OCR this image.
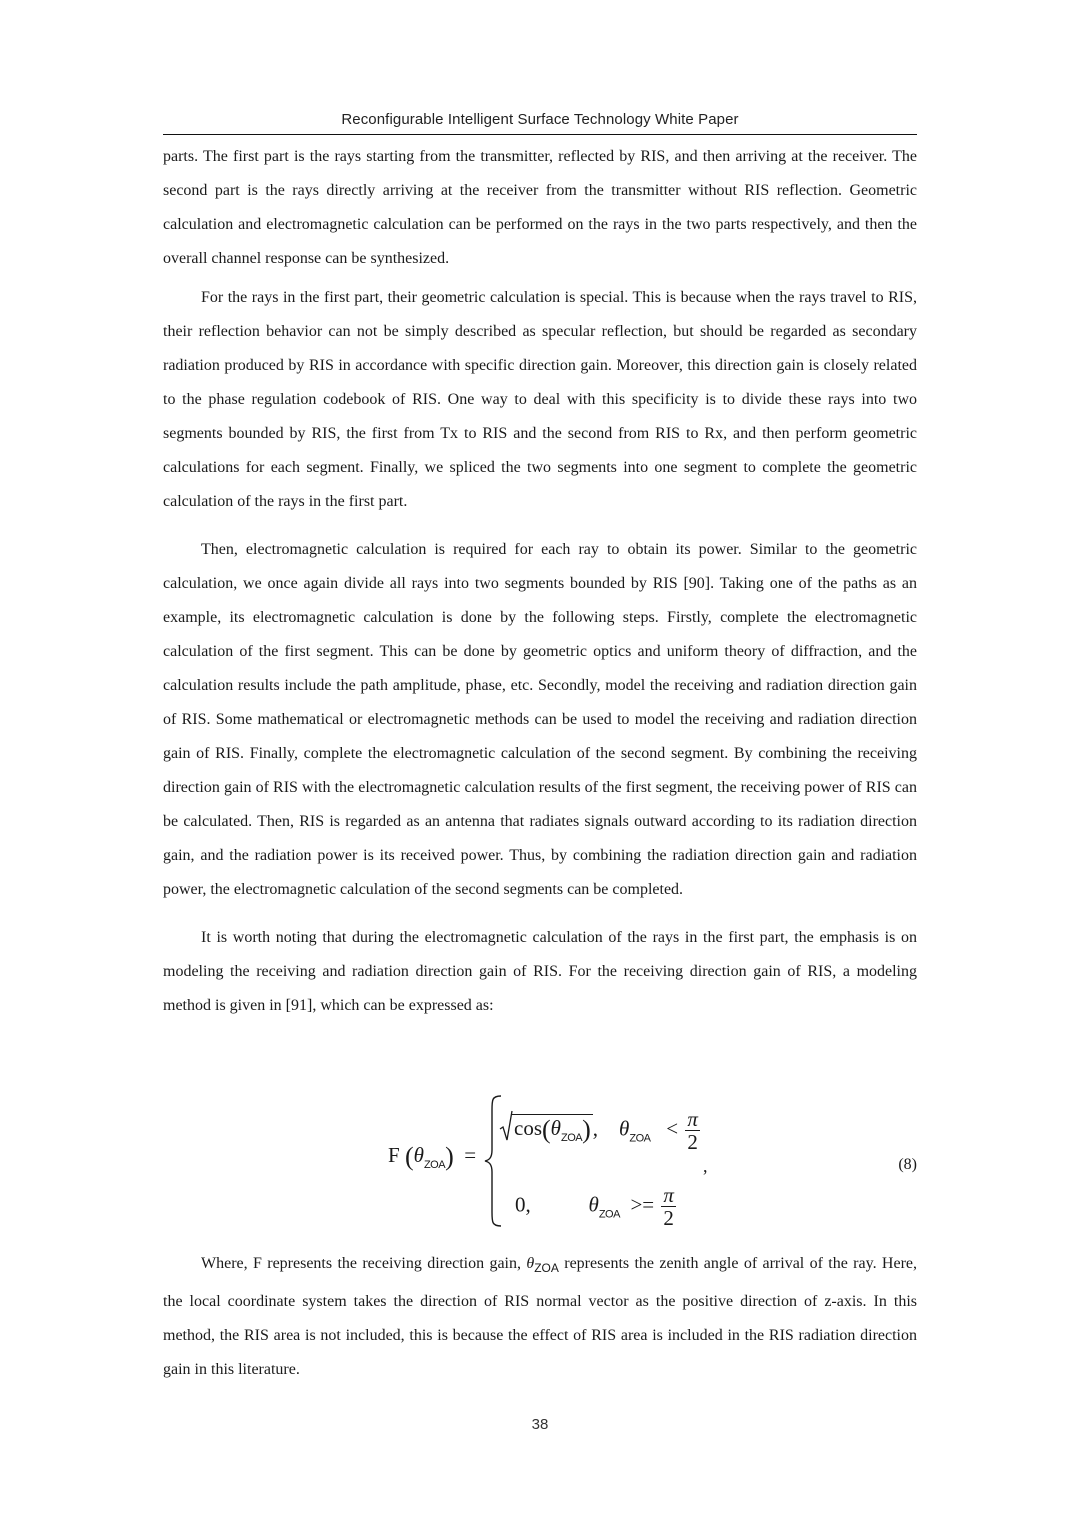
Reconfigurable Intelligent Surface Technology White Paper

parts. The first part is the rays starting from the transmitter, reflected by RIS, and then arriving at the receiver. The second part is the rays directly arriving at the receiver from the transmitter without RIS reflection. Geometric calculation and electromagnetic calculation can be performed on the rays in the two parts respectively, and then the overall channel response can be synthesized.

For the rays in the first part, their geometric calculation is special. This is because when the rays travel to RIS, their reflection behavior can not be simply described as specular reflection, but should be regarded as secondary radiation produced by RIS in accordance with specific direction gain. Moreover, this direction gain is closely related to the phase regulation codebook of RIS. One way to deal with this specificity is to divide these rays into two segments bounded by RIS, the first from Tx to RIS and the second from RIS to Rx, and then perform geometric calculations for each segment. Finally, we spliced the two segments into one segment to complete the geometric calculation of the rays in the first part.

Then, electromagnetic calculation is required for each ray to obtain its power. Similar to the geometric calculation, we once again divide all rays into two segments bounded by RIS [90]. Taking one of the paths as an example, its electromagnetic calculation is done by the following steps. Firstly, complete the electromagnetic calculation of the first segment. This can be done by geometric optics and uniform theory of diffraction, and the calculation results include the path amplitude, phase, etc. Secondly, model the receiving and radiation direction gain of RIS. Some mathematical or electromagnetic methods can be used to model the receiving and radiation direction gain of RIS. Finally, complete the electromagnetic calculation of the second segment. By combining the receiving direction gain of RIS with the electromagnetic calculation results of the first segment, the receiving power of RIS can be calculated. Then, RIS is regarded as an antenna that radiates signals outward according to its radiation direction gain, and the radiation power is its received power. Thus, by combining the radiation direction gain and radiation power, the electromagnetic calculation of the second segments can be completed.

It is worth noting that during the electromagnetic calculation of the rays in the first part, the emphasis is on modeling the receiving and radiation direction gain of RIS. For the receiving direction gain of RIS, a modeling method is given in [91], which can be expressed as:

F $(\theta_{ZOA})$ =
$\cos(\theta_{ZOA})$, $\theta_{ZOA} < \frac{\pi}{2}$
0,	$\theta_{ZOA} >= \frac{\pi}{2}$
,	(8)

Where, F represents the receiving direction gain, $\theta_{ZOA}$ represents the zenith angle of arrival of the ray. Here, the local coordinate system takes the direction of RIS normal vector as the positive direction of z-axis. In this method, the RIS area is not included, this is because the effect of RIS area is included in the RIS radiation direction gain in this literature.

38
